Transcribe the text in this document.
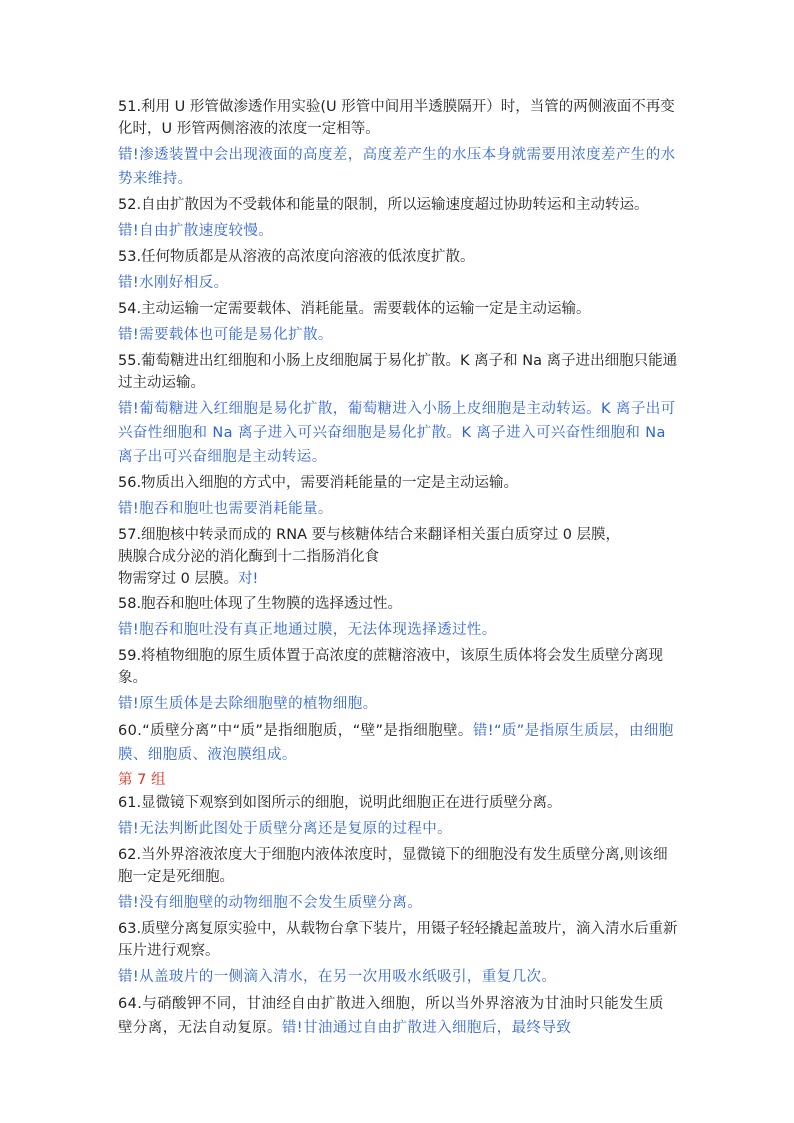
51.利用 U 形管做渗透作用实验(U 形管中间用半透膜隔开）时，当管的两侧液面不再变化时，U 形管两侧溶液的浓度一定相等。

错!渗透装置中会出现液面的高度差，高度差产生的水压本身就需要用浓度差产生的水势来维持。

52.自由扩散因为不受载体和能量的限制，所以运输速度超过协助转运和主动转运。

错!自由扩散速度较慢。

53.任何物质都是从溶液的高浓度向溶液的低浓度扩散。

错!水刚好相反。

54.主动运输一定需要载体、消耗能量。需要载体的运输一定是主动运输。

错!需要载体也可能是易化扩散。

55.葡萄糖进出红细胞和小肠上皮细胞属于易化扩散。K 离子和 Na 离子进出细胞只能通过主动运输。

错!葡萄糖进入红细胞是易化扩散，葡萄糖进入小肠上皮细胞是主动转运。K 离子出可兴奋性细胞和 Na 离子进入可兴奋细胞是易化扩散。K 离子进入可兴奋性细胞和 Na 离子出可兴奋细胞是主动转运。

56.物质出入细胞的方式中，需要消耗能量的一定是主动运输。

错!胞吞和胞吐也需要消耗能量。

57.细胞核中转录而成的 RNA 要与核糖体结合来翻译相关蛋白质穿过 0 层膜，
胰腺合成分泌的消化酶到十二指肠消化食
物需穿过 0 层膜。对!

58.胞吞和胞吐体现了生物膜的选择透过性。

错!胞吞和胞吐没有真正地通过膜，无法体现选择透过性。

59.将植物细胞的原生质体置于高浓度的蔗糖溶液中，该原生质体将会发生质壁分离现象。

错!原生质体是去除细胞壁的植物细胞。

60.“质壁分离”中“质”是指细胞质，“壁”是指细胞壁。错!“质”是指原生质层，由细胞膜、细胞质、液泡膜组成。

第 7 组

61.显微镜下观察到如图所示的细胞，说明此细胞正在进行质壁分离。

错!无法判断此图处于质壁分离还是复原的过程中。

62.当外界溶液浓度大于细胞内液体浓度时，显微镜下的细胞没有发生质壁分离,则该细胞一定是死细胞。

错!没有细胞壁的动物细胞不会发生质壁分离。

63.质壁分离复原实验中，从载物台拿下装片，用镊子轻轻撬起盖玻片，滴入清水后重新压片进行观察。

错!从盖玻片的一侧滴入清水，在另一次用吸水纸吸引，重复几次。

64.与硝酸钾不同，甘油经自由扩散进入细胞，所以当外界溶液为甘油时只能发生质壁分离，无法自动复原。错!甘油通过自由扩散进入细胞后，最终导致
